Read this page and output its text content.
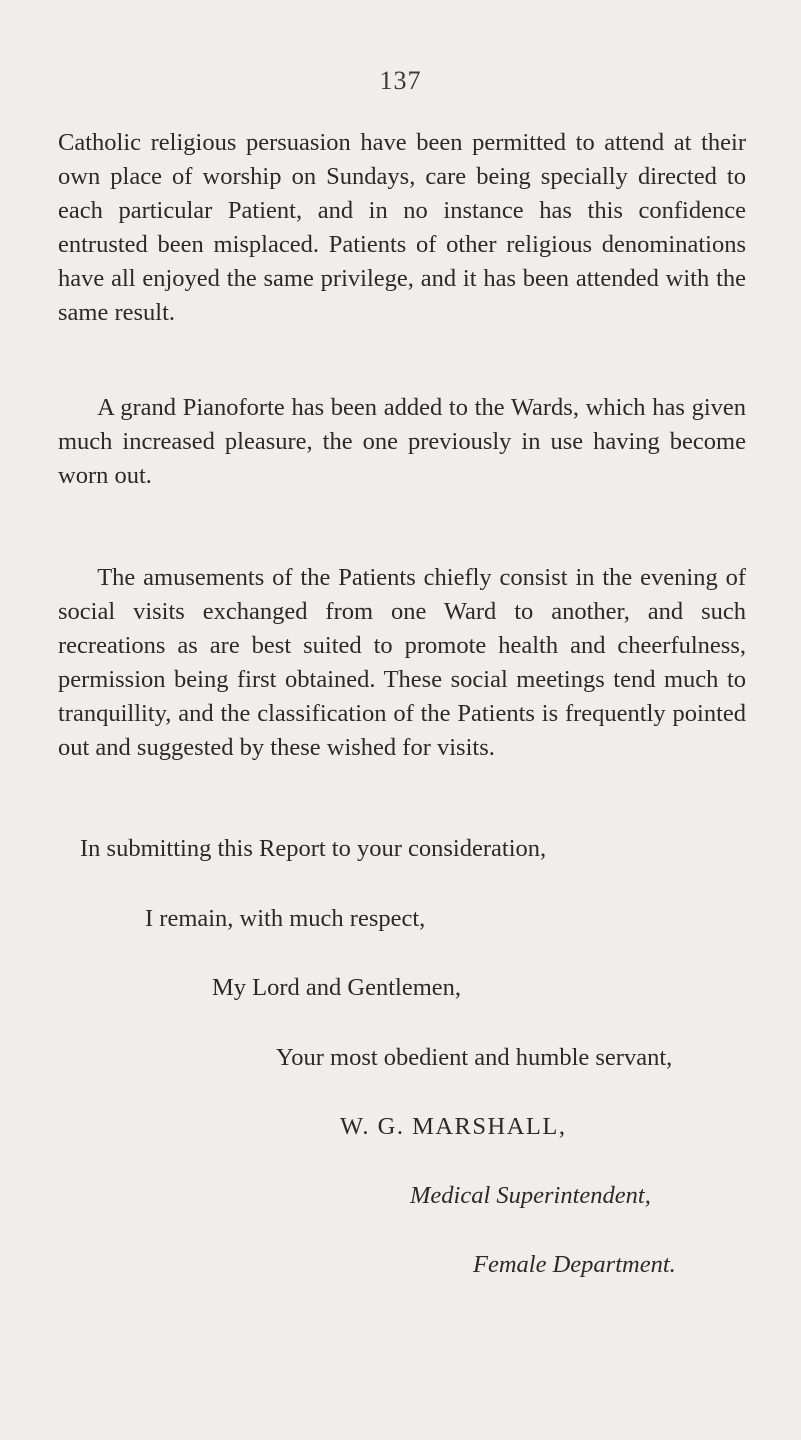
137

Catholic religious persuasion have been permitted to attend at their own place of worship on Sundays, care being specially directed to each particular Patient, and in no instance has this confidence entrusted been misplaced. Patients of other religious denominations have all enjoyed the same privilege, and it has been attended with the same result.

A grand Pianoforte has been added to the Wards, which has given much increased pleasure, the one previously in use having become worn out.

The amusements of the Patients chiefly consist in the evening of social visits exchanged from one Ward to another, and such recreations as are best suited to promote health and cheerfulness, permission being first obtained. These social meetings tend much to tranquillity, and the classification of the Patients is frequently pointed out and suggested by these wished for visits.

In submitting this Report to your consideration,
I remain, with much respect,
My Lord and Gentlemen,
Your most obedient and humble servant,
W. G. MARSHALL,
Medical Superintendent,
Female Department.
